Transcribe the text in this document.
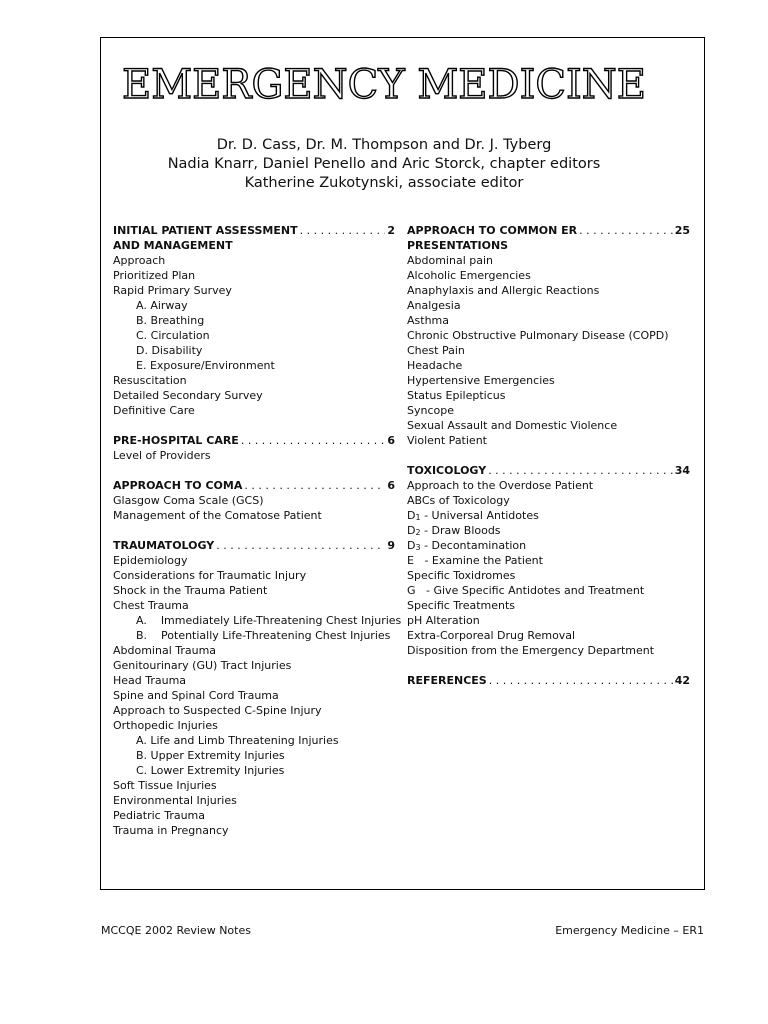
EMERGENCY MEDICINE
Dr. D. Cass, Dr. M. Thompson and Dr. J. Tyberg
Nadia Knarr, Daniel Penello and Aric Storck, chapter editors
Katherine Zukotynski, associate editor
INITIAL PATIENT ASSESSMENT . . .	2
AND MANAGEMENT
Approach
Prioritized Plan
Rapid Primary Survey
A. Airway
B. Breathing
C. Circulation
D. Disability
E. Exposure/Environment
Resuscitation
Detailed Secondary Survey
Definitive Care
PRE-HOSPITAL CARE . . .	6
Level of Providers
APPROACH TO COMA . . .	6
Glasgow Coma Scale (GCS)
Management of the Comatose Patient
TRAUMATOLOGY . . .	9
Epidemiology
Considerations for Traumatic Injury
Shock in the Trauma Patient
Chest Trauma
A.    Immediately Life-Threatening Chest Injuries
B.    Potentially Life-Threatening Chest Injuries
Abdominal Trauma
Genitourinary (GU) Tract Injuries
Head Trauma
Spine and Spinal Cord Trauma
Approach to Suspected C-Spine Injury
Orthopedic Injuries
A. Life and Limb Threatening Injuries
B. Upper Extremity Injuries
C. Lower Extremity Injuries
Soft Tissue Injuries
Environmental Injuries
Pediatric Trauma
Trauma in Pregnancy
APPROACH TO COMMON ER . . .	25
PRESENTATIONS
Abdominal pain
Alcoholic Emergencies
Anaphylaxis and Allergic Reactions
Analgesia
Asthma
Chronic Obstructive Pulmonary Disease (COPD)
Chest Pain
Headache
Hypertensive Emergencies
Status Epilepticus
Syncope
Sexual Assault and Domestic Violence
Violent Patient
TOXICOLOGY . . .	34
Approach to the Overdose Patient
ABCs of Toxicology
$D_1$ - Universal Antidotes
$D_2$ - Draw Bloods
$D_3$ - Decontamination
E   - Examine the Patient
Specific Toxidromes
G   - Give Specific Antidotes and Treatment
Specific Treatments
pH Alteration
Extra-Corporeal Drug Removal
Disposition from the Emergency Department
REFERENCES . . .	42
MCCQE 2002 Review Notes	Emergency Medicine – ER1
